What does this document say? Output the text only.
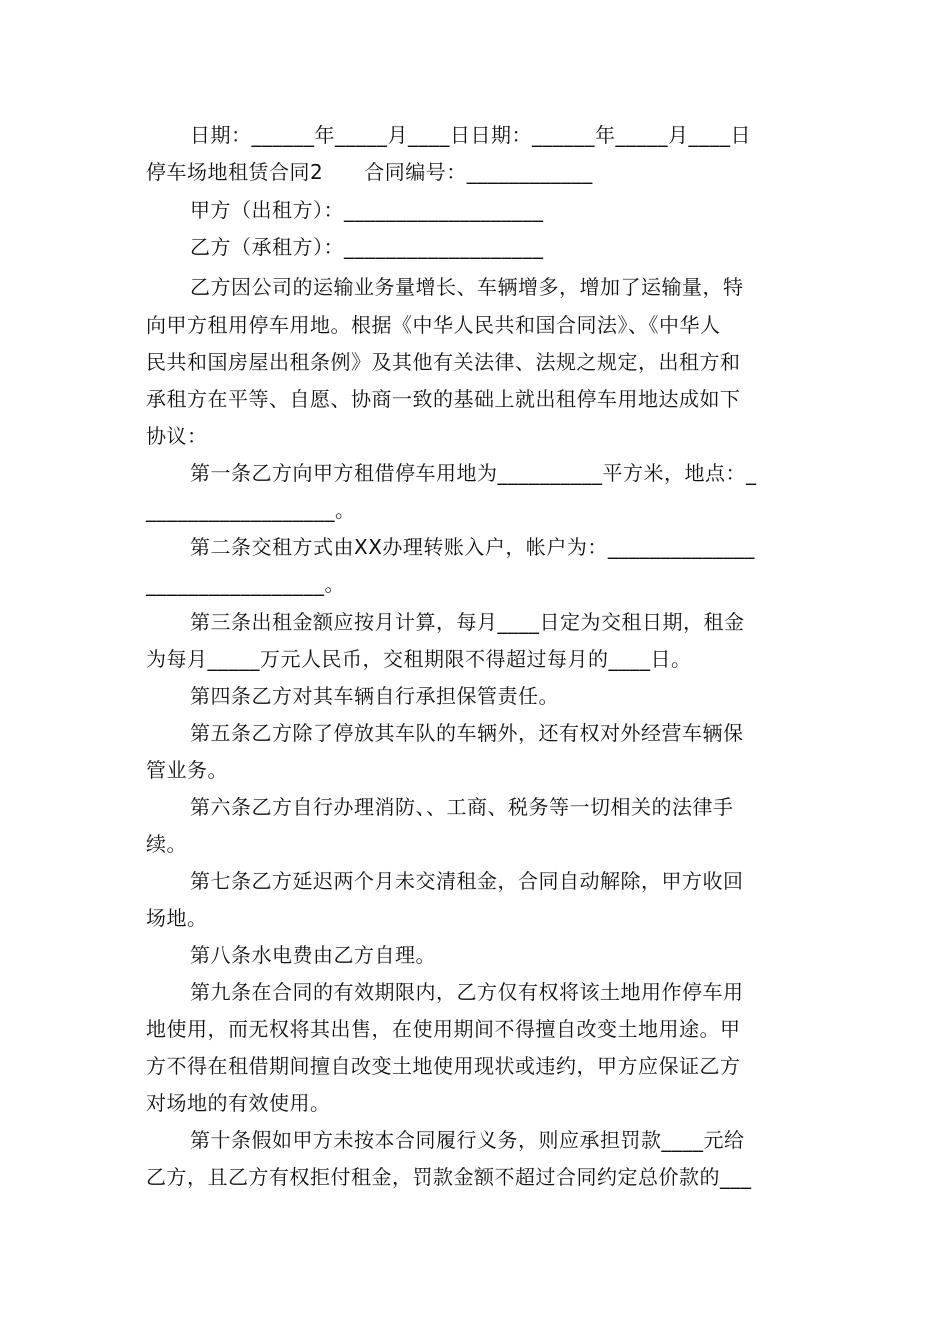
日期：______年_____月____日日期：______年_____月____日
停车场地租赁合同2　　合同编号：____________
甲方（出租方）：___________________
乙方（承租方）：___________________
乙方因公司的运输业务量增长、车辆增多，增加了运输量，特
向甲方租用停车用地。根据《中华人民共和国合同法》、《中华人
民共和国房屋出租条例》及其他有关法律、法规之规定，出租方和
承租方在平等、自愿、协商一致的基础上就出租停车用地达成如下
协议：
第一条乙方向甲方租借停车用地为__________平方米，地点：_
__________________。
第二条交租方式由XX办理转账入户，帐户为：______________
_________________。
第三条出租金额应按月计算，每月____日定为交租日期，租金
为每月_____万元人民币，交租期限不得超过每月的____日。
第四条乙方对其车辆自行承担保管责任。
第五条乙方除了停放其车队的车辆外，还有权对外经营车辆保
管业务。
第六条乙方自行办理消防、、工商、税务等一切相关的法律手
续。
第七条乙方延迟两个月未交清租金，合同自动解除，甲方收回
场地。
第八条水电费由乙方自理。
第九条在合同的有效期限内，乙方仅有权将该土地用作停车用
地使用，而无权将其出售，在使用期间不得擅自改变土地用途。甲
方不得在租借期间擅自改变土地使用现状或违约，甲方应保证乙方
对场地的有效使用。
第十条假如甲方未按本合同履行义务，则应承担罚款____元给
乙方，且乙方有权拒付租金，罚款金额不超过合同约定总价款的___
